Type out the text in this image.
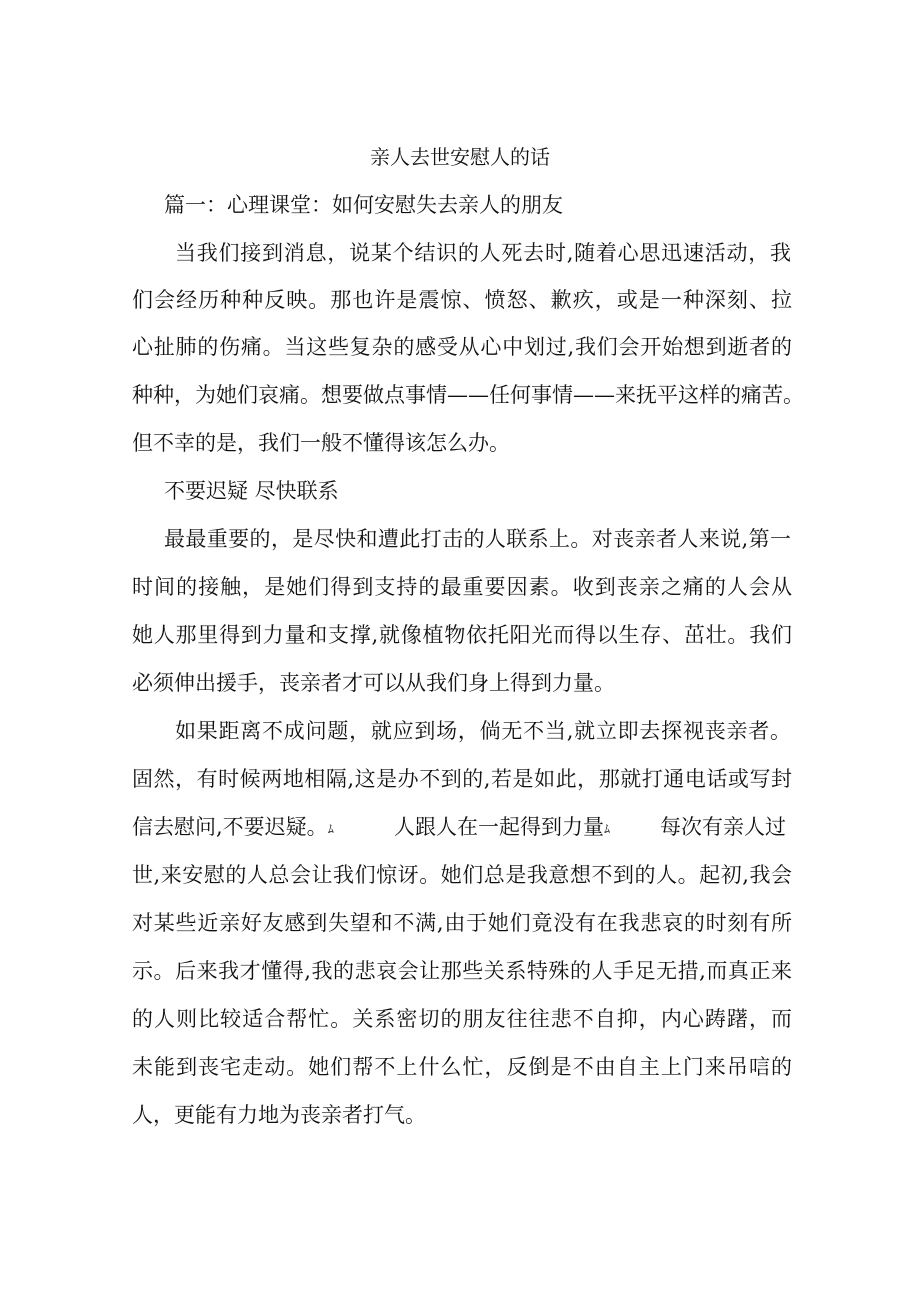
亲人去世安慰人的话
篇一：心理课堂：如何安慰失去亲人的朋友
当我们接到消息，说某个结识的人死去时,随着心思迅速活动，我
们会经历种种反映。那也许是震惊、愤怒、歉疚，或是一种深刻、拉
心扯肺的伤痛。当这些复杂的感受从心中划过,我们会开始想到逝者的
种种，为她们哀痛。想要做点事情——任何事情——来抚平这样的痛苦。
但不幸的是，我们一般不懂得该怎么办。
不要迟疑 尽快联系
最最重要的，是尽快和遭此打击的人联系上。对丧亲者人来说,第一
时间的接触，是她们得到支持的最重要因素。收到丧亲之痛的人会从
她人那里得到力量和支撑,就像植物依托阳光而得以生存、茁壮。我们
必须伸出援手，丧亲者才可以从我们身上得到力量。
如果距离不成问题，就应到场，倘无不当,就立即去探视丧亲者。
固然，有时候两地相隔,这是办不到的,若是如此，那就打通电话或写封
信去慰问,不要迟疑。ﾑ	人跟人在一起得到力量ﾑ	每次有亲人过
世,来安慰的人总会让我们惊讶。她们总是我意想不到的人。起初,我会
对某些近亲好友感到失望和不满,由于她们竟没有在我悲哀的时刻有所
示。后来我才懂得,我的悲哀会让那些关系特殊的人手足无措,而真正来
的人则比较适合帮忙。关系密切的朋友往往悲不自抑，内心踌躇，而
未能到丧宅走动。她们帮不上什么忙，反倒是不由自主上门来吊唁的
人，更能有力地为丧亲者打气。
